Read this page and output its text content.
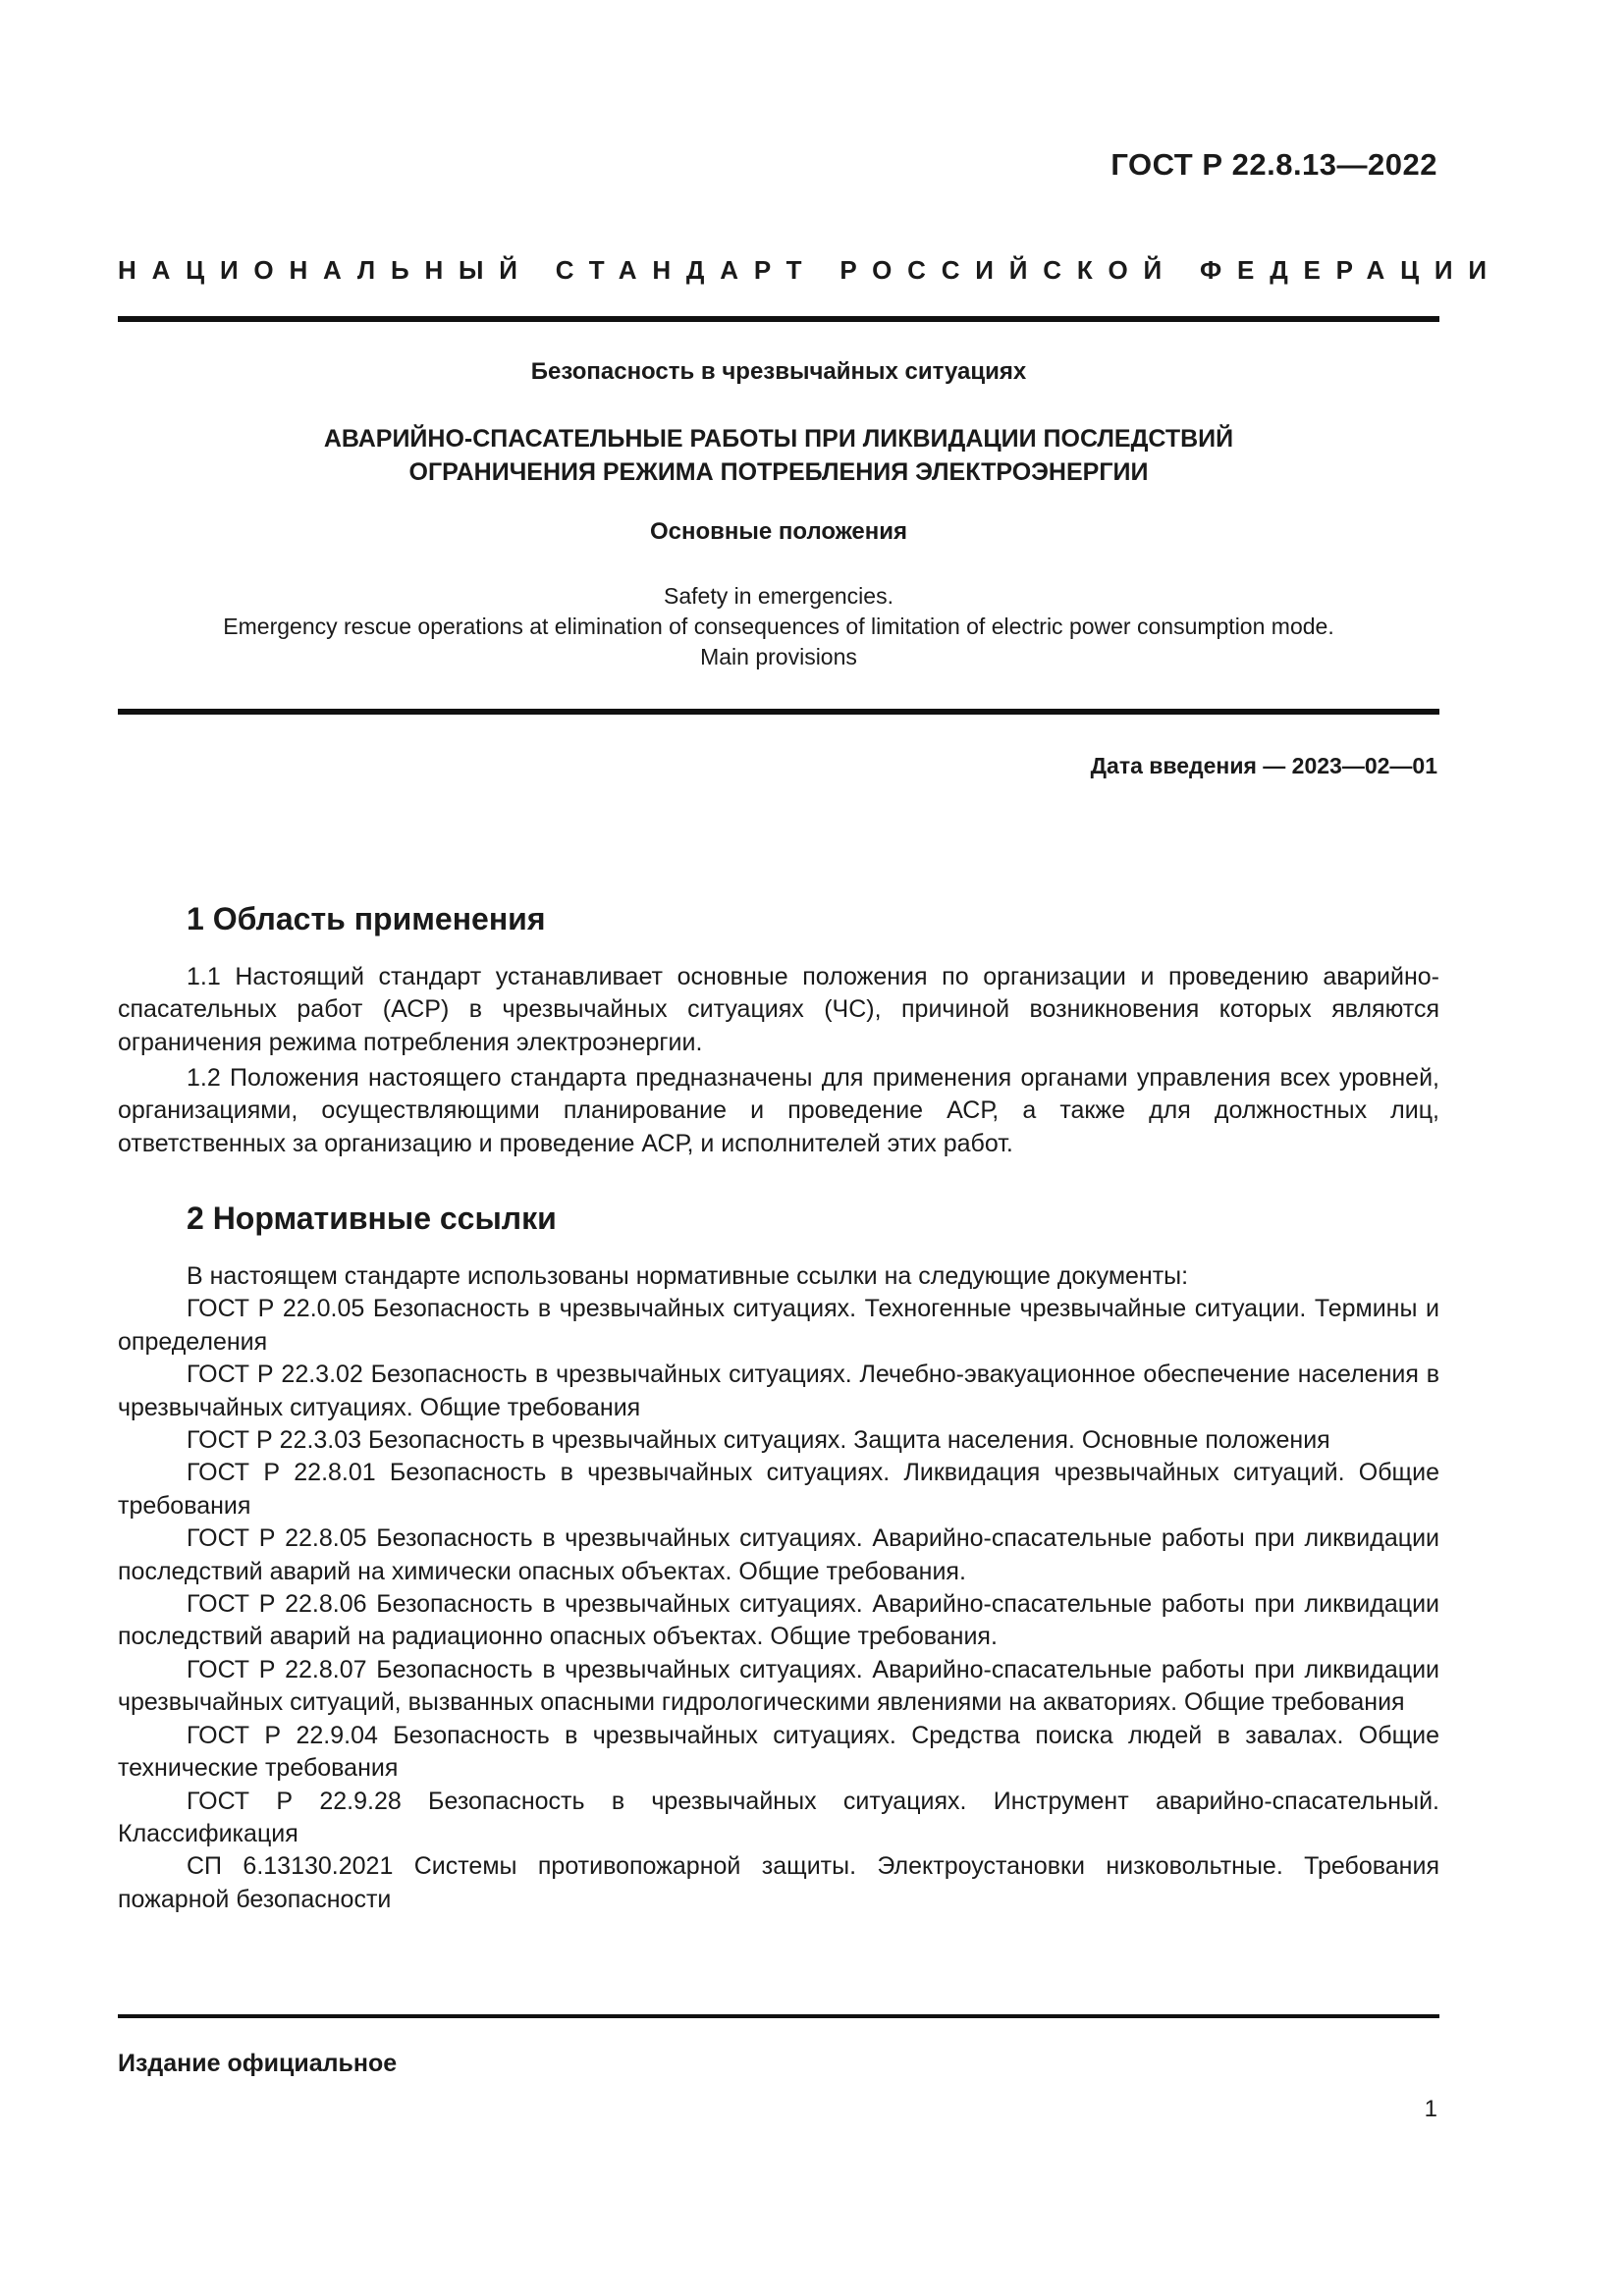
ГОСТ Р 22.8.13—2022
НАЦИОНАЛЬНЫЙ СТАНДАРТ РОССИЙСКОЙ ФЕДЕРАЦИИ
Безопасность в чрезвычайных ситуациях
АВАРИЙНО-СПАСАТЕЛЬНЫЕ РАБОТЫ ПРИ ЛИКВИДАЦИИ ПОСЛЕДСТВИЙ
ОГРАНИЧЕНИЯ РЕЖИМА ПОТРЕБЛЕНИЯ ЭЛЕКТРОЭНЕРГИИ
Основные положения
Safety in emergencies.
Emergency rescue operations at elimination of consequences of limitation of electric power consumption mode.
Main provisions
Дата введения — 2023—02—01
1 Область применения

1.1 Настоящий стандарт устанавливает основные положения по организации и проведению аварийно-спасательных работ (АСР) в чрезвычайных ситуациях (ЧС), причиной возникновения которых являются ограничения режима потребления электроэнергии.

1.2 Положения настоящего стандарта предназначены для применения органами управления всех уровней, организациями, осуществляющими планирование и проведение АСР, а также для должностных лиц, ответственных за организацию и проведение АСР, и исполнителей этих работ.

2 Нормативные ссылки
В настоящем стандарте использованы нормативные ссылки на следующие документы:
ГОСТ Р 22.0.05 Безопасность в чрезвычайных ситуациях. Техногенные чрезвычайные ситуации. Термины и определения
ГОСТ Р 22.3.02 Безопасность в чрезвычайных ситуациях. Лечебно-эвакуационное обеспечение населения в чрезвычайных ситуациях. Общие требования
ГОСТ Р 22.3.03 Безопасность в чрезвычайных ситуациях. Защита населения. Основные положения
ГОСТ Р 22.8.01 Безопасность в чрезвычайных ситуациях. Ликвидация чрезвычайных ситуаций. Общие требования
ГОСТ Р 22.8.05 Безопасность в чрезвычайных ситуациях. Аварийно-спасательные работы при ликвидации последствий аварий на химически опасных объектах. Общие требования.
ГОСТ Р 22.8.06 Безопасность в чрезвычайных ситуациях. Аварийно-спасательные работы при ликвидации последствий аварий на радиационно опасных объектах. Общие требования.
ГОСТ Р 22.8.07 Безопасность в чрезвычайных ситуациях. Аварийно-спасательные работы при ликвидации чрезвычайных ситуаций, вызванных опасными гидрологическими явлениями на акваториях. Общие требования
ГОСТ Р 22.9.04 Безопасность в чрезвычайных ситуациях. Средства поиска людей в завалах. Общие технические требования
ГОСТ Р 22.9.28 Безопасность в чрезвычайных ситуациях. Инструмент аварийно-спасательный. Классификация
СП 6.13130.2021 Системы противопожарной защиты. Электроустановки низковольтные. Требования пожарной безопасности
Издание официальное
1
